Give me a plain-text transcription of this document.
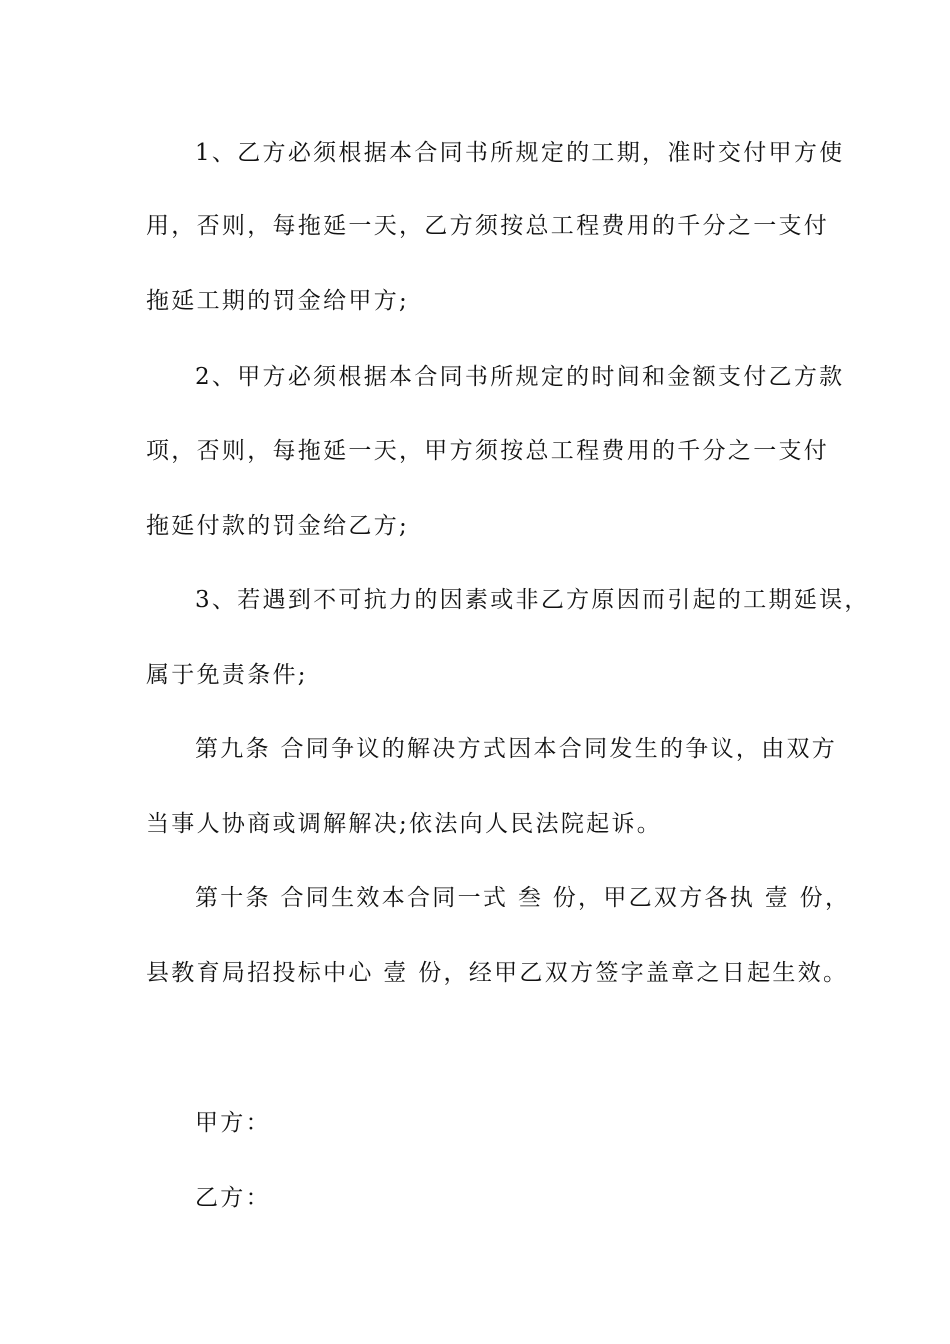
1、乙方必须根据本合同书所规定的工期，准时交付甲方使
用，否则，每拖延一天，乙方须按总工程费用的千分之一支付
拖延工期的罚金给甲方;
2、甲方必须根据本合同书所规定的时间和金额支付乙方款
项，否则，每拖延一天，甲方须按总工程费用的千分之一支付
拖延付款的罚金给乙方;
3、若遇到不可抗力的因素或非乙方原因而引起的工期延误，
属于免责条件;
第九条 合同争议的解决方式因本合同发生的争议，由双方
当事人协商或调解解决;依法向人民法院起诉。
第十条 合同生效本合同一式 叁 份，甲乙双方各执 壹 份，
县教育局招投标中心 壹 份，经甲乙双方签字盖章之日起生效。
甲方：
乙方：
